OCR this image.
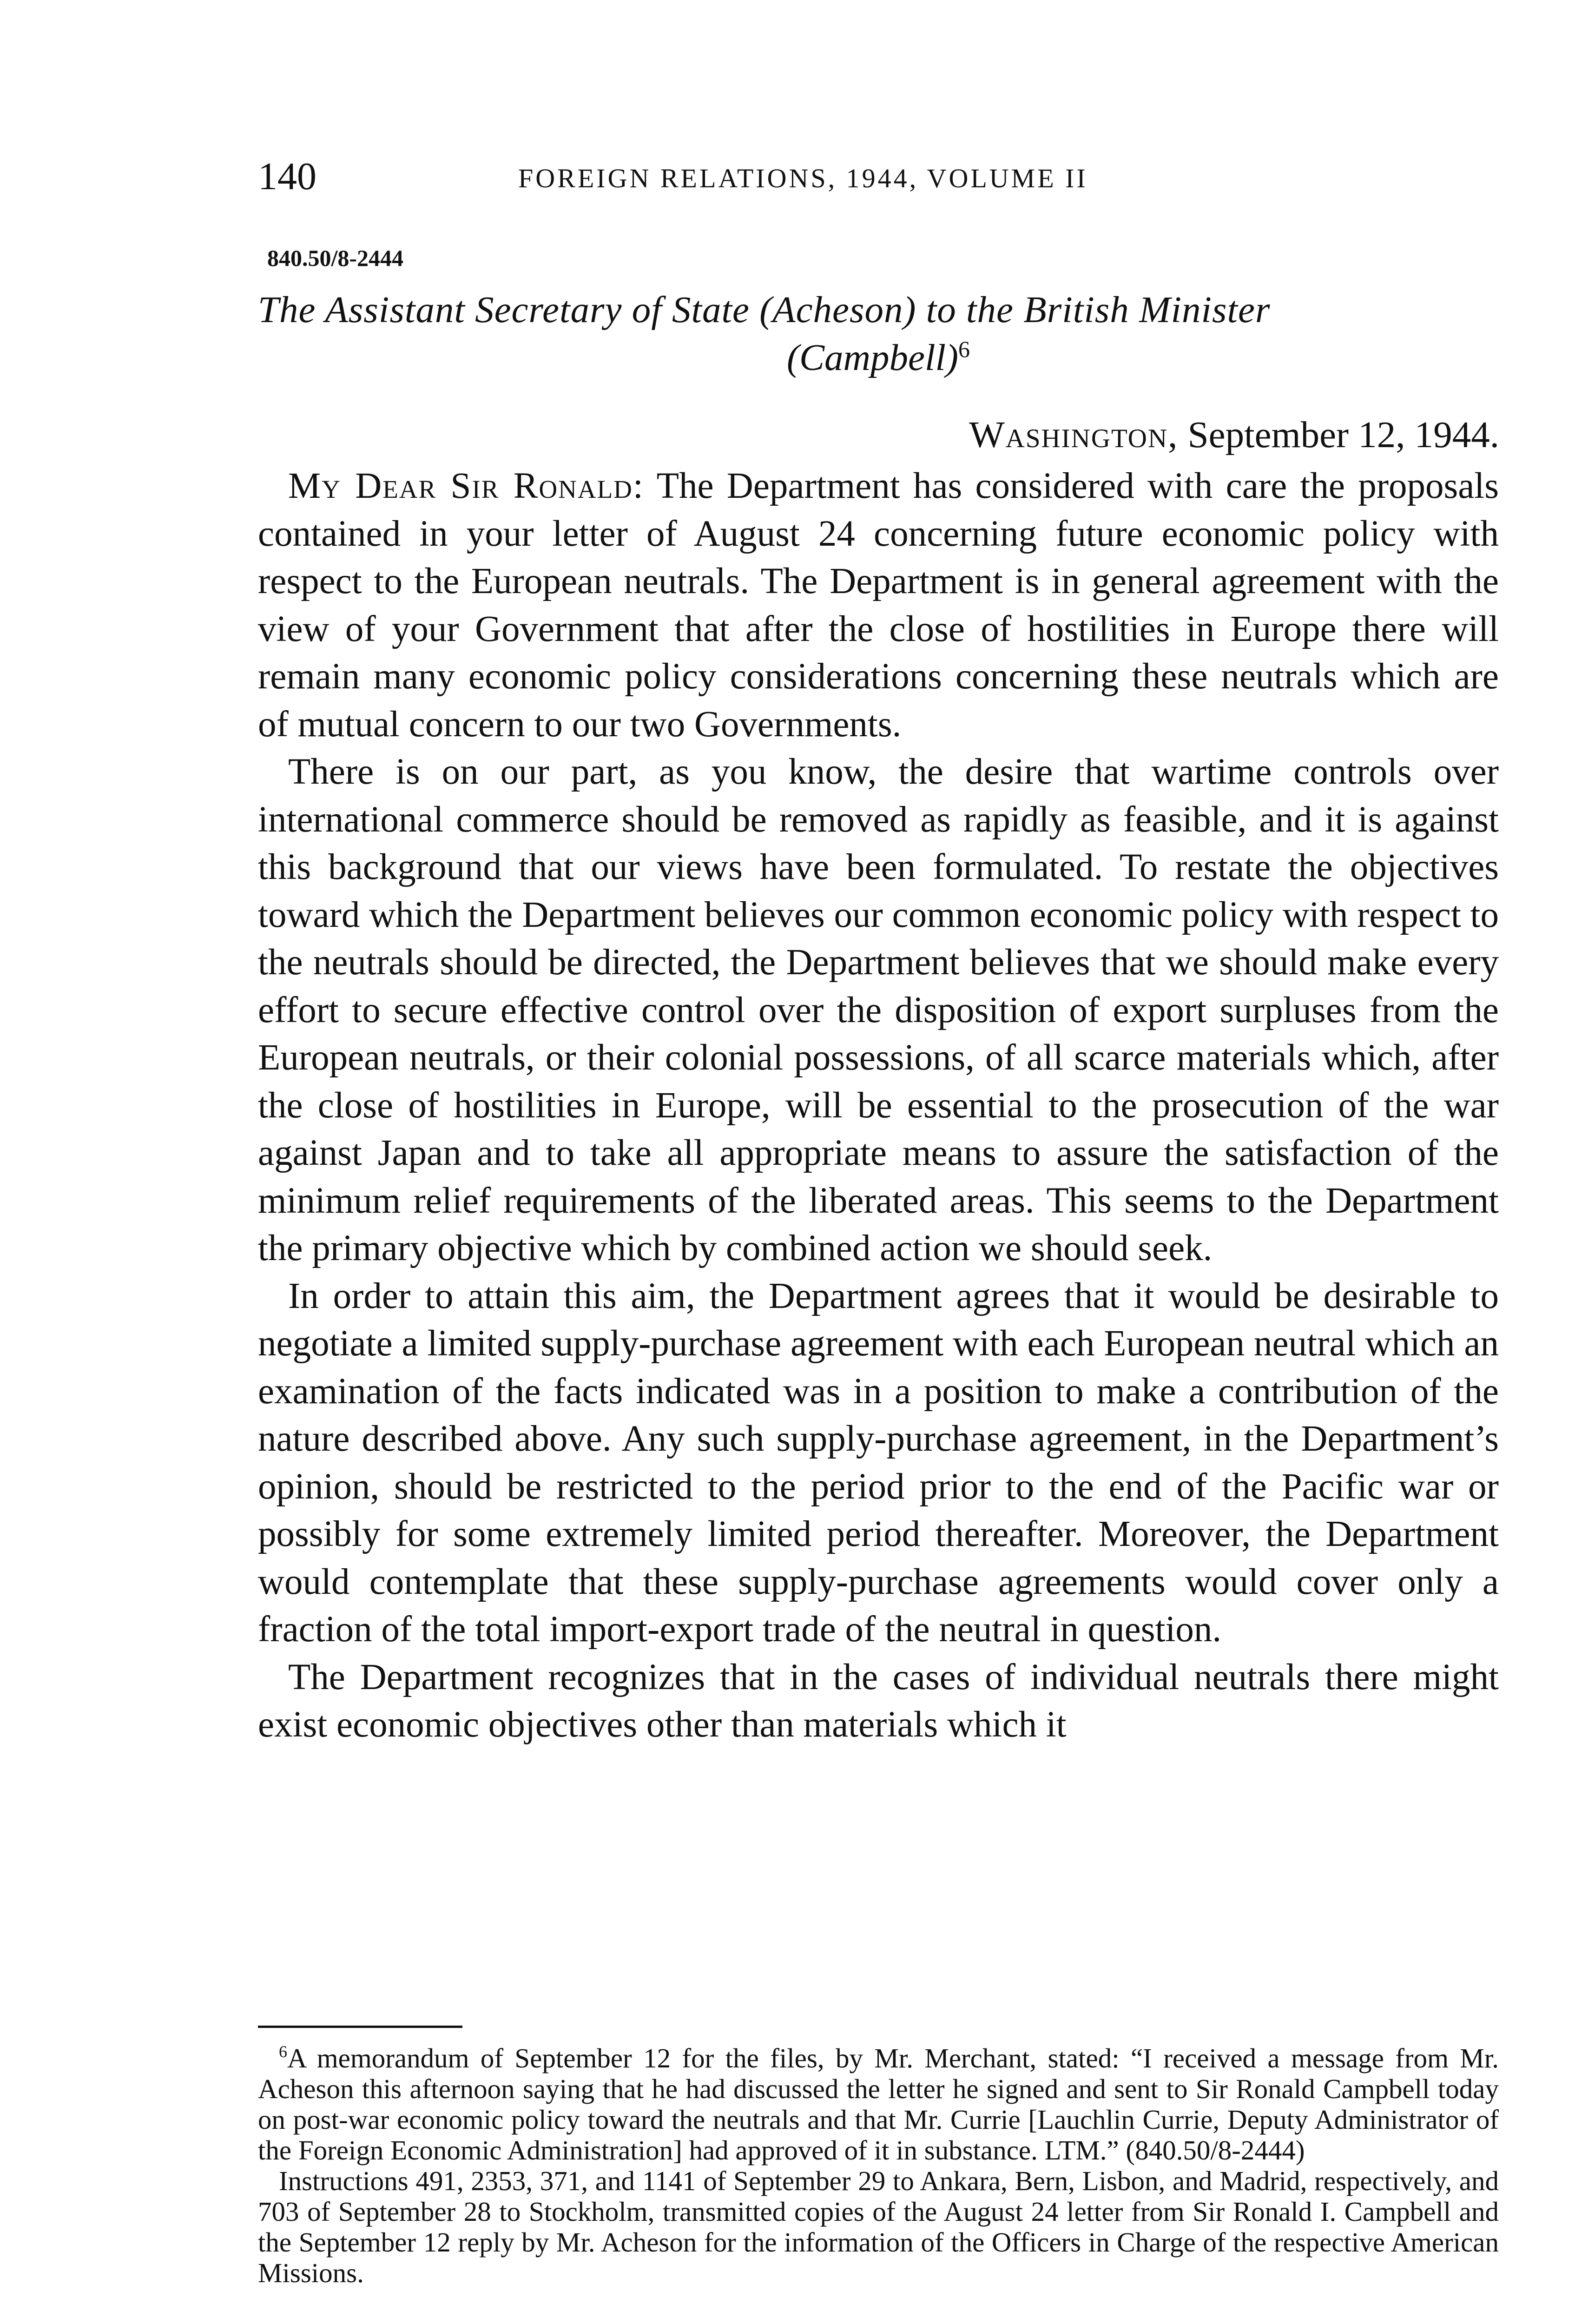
140	FOREIGN RELATIONS, 1944, VOLUME II
840.50/8-2444
The Assistant Secretary of State (Acheson) to the British Minister
(Campbell)$^6$
Washington, September 12, 1944.

My Dear Sir Ronald: The Department has considered with care the proposals contained in your letter of August 24 concerning future economic policy with respect to the European neutrals. The Department is in general agreement with the view of your Government that after the close of hostilities in Europe there will remain many economic policy considerations concerning these neutrals which are of mutual concern to our two Governments.

There is on our part, as you know, the desire that wartime controls over international commerce should be removed as rapidly as feasible, and it is against this background that our views have been formulated. To restate the objectives toward which the Department believes our common economic policy with respect to the neutrals should be directed, the Department believes that we should make every effort to secure effective control over the disposition of export surpluses from the European neutrals, or their colonial possessions, of all scarce materials which, after the close of hostilities in Europe, will be essential to the prosecution of the war against Japan and to take all appropriate means to assure the satisfaction of the minimum relief requirements of the liberated areas. This seems to the Department the primary objective which by combined action we should seek.

In order to attain this aim, the Department agrees that it would be desirable to negotiate a limited supply-purchase agreement with each European neutral which an examination of the facts indicated was in a position to make a contribution of the nature described above. Any such supply-purchase agreement, in the Department’s opinion, should be restricted to the period prior to the end of the Pacific war or possibly for some extremely limited period thereafter. Moreover, the Department would contemplate that these supply-purchase agreements would cover only a fraction of the total import-export trade of the neutral in question.

The Department recognizes that in the cases of individual neutrals there might exist economic objectives other than materials which it

$^6$A memorandum of September 12 for the files, by Mr. Merchant, stated: “I received a message from Mr. Acheson this afternoon saying that he had discussed the letter he signed and sent to Sir Ronald Campbell today on post-war economic policy toward the neutrals and that Mr. Currie [Lauchlin Currie, Deputy Administrator of the Foreign Economic Administration] had approved of it in substance. LTM.” (840.50/8-2444)

Instructions 491, 2353, 371, and 1141 of September 29 to Ankara, Bern, Lisbon, and Madrid, respectively, and 703 of September 28 to Stockholm, transmitted copies of the August 24 letter from Sir Ronald I. Campbell and the September 12 reply by Mr. Acheson for the information of the Officers in Charge of the respective American Missions.
